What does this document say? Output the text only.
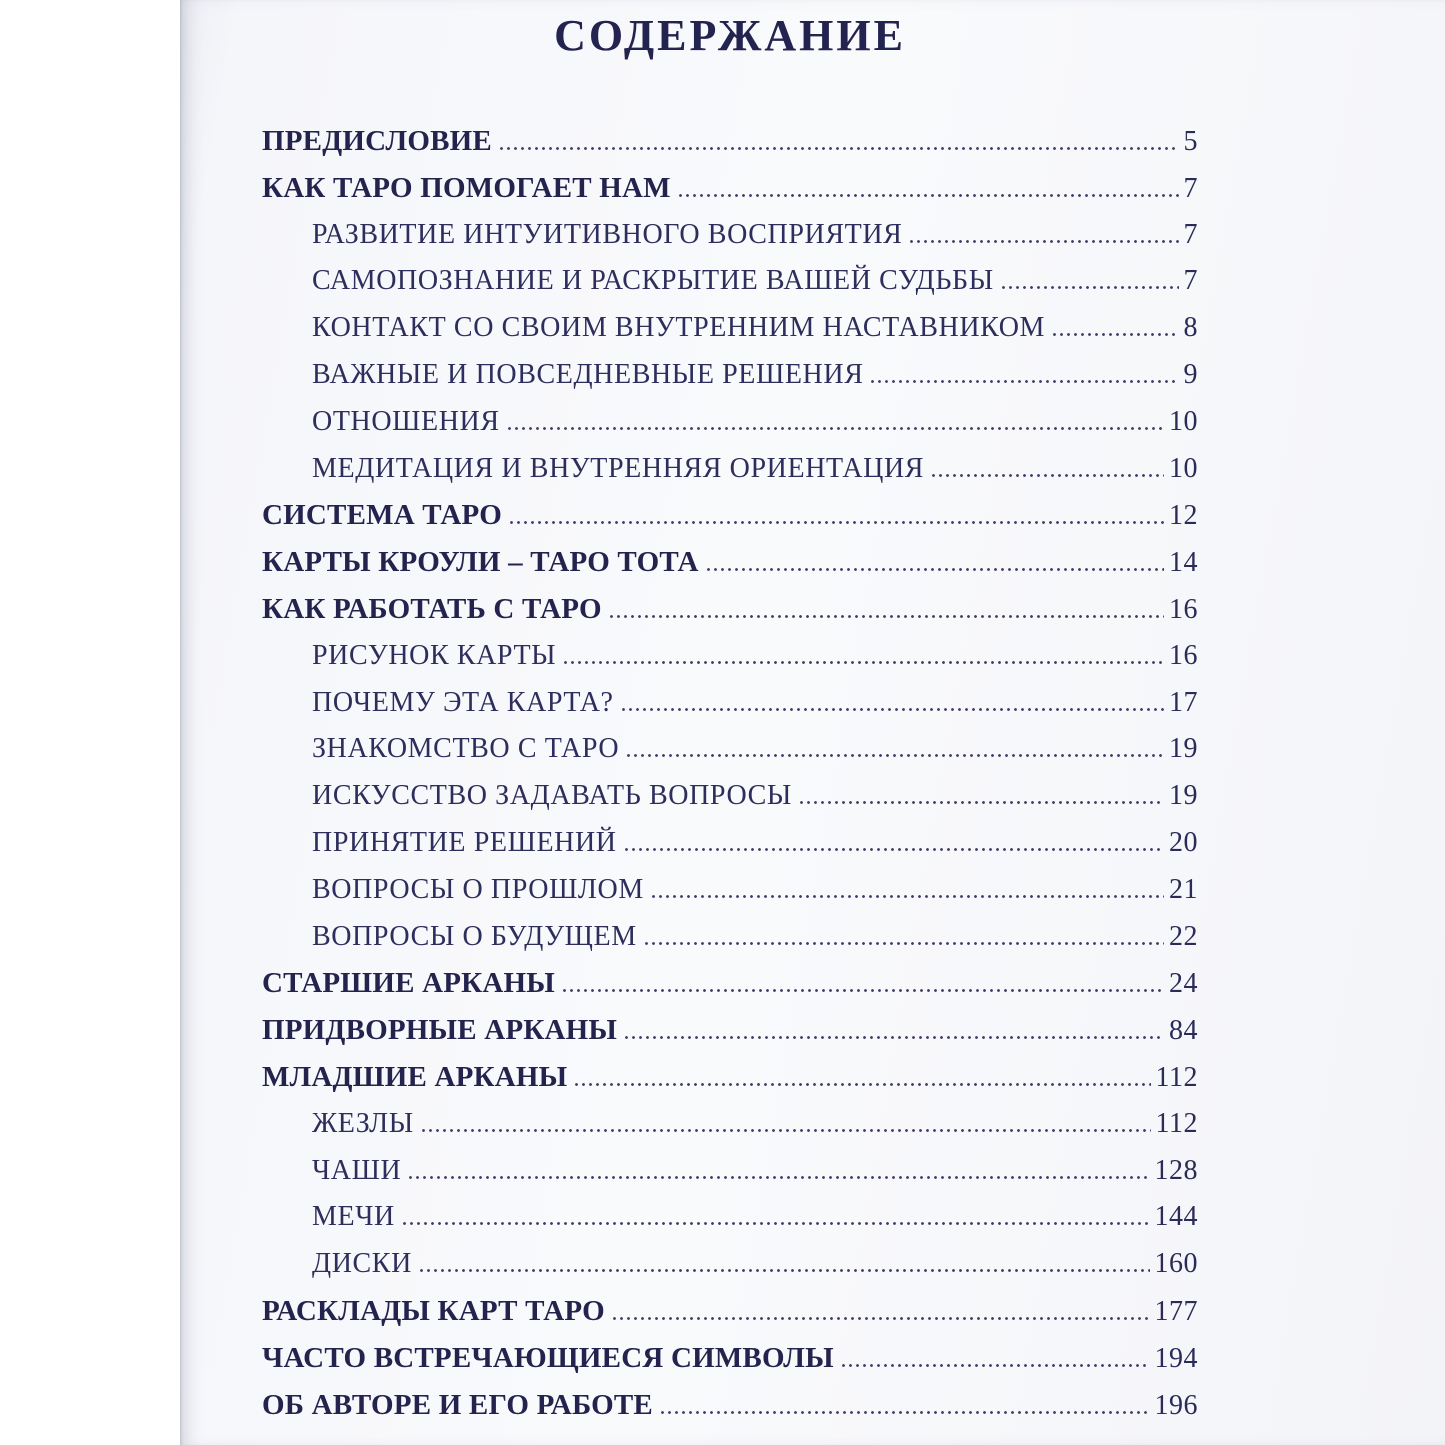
СОДЕРЖАНИЕ
ПРЕДИСЛОВИЕ	5
КАК ТАРО ПОМОГАЕТ НАМ	7
РАЗВИТИЕ ИНТУИТИВНОГО ВОСПРИЯТИЯ	7
САМОПОЗНАНИЕ И РАСКРЫТИЕ ВАШЕЙ СУДЬБЫ	7
КОНТАКТ СО СВОИМ ВНУТРЕННИМ НАСТАВНИКОМ	8
ВАЖНЫЕ И ПОВСЕДНЕВНЫЕ РЕШЕНИЯ	9
ОТНОШЕНИЯ	10
МЕДИТАЦИЯ И ВНУТРЕННЯЯ ОРИЕНТАЦИЯ	10
СИСТЕМА ТАРО	12
КАРТЫ КРОУЛИ – ТАРО ТОТА	14
КАК РАБОТАТЬ С ТАРО	16
РИСУНОК КАРТЫ	16
ПОЧЕМУ ЭТА КАРТА?	17
ЗНАКОМСТВО С ТАРО	19
ИСКУССТВО ЗАДАВАТЬ ВОПРОСЫ	19
ПРИНЯТИЕ РЕШЕНИЙ	20
ВОПРОСЫ О ПРОШЛОМ	21
ВОПРОСЫ О БУДУЩЕМ	22
СТАРШИЕ АРКАНЫ	24
ПРИДВОРНЫЕ АРКАНЫ	84
МЛАДШИЕ АРКАНЫ	112
ЖЕЗЛЫ	112
ЧАШИ	128
МЕЧИ	144
ДИСКИ	160
РАСКЛАДЫ КАРТ ТАРО	177
ЧАСТО ВСТРЕЧАЮЩИЕСЯ СИМВОЛЫ	194
ОБ АВТОРЕ И ЕГО РАБОТЕ	196
